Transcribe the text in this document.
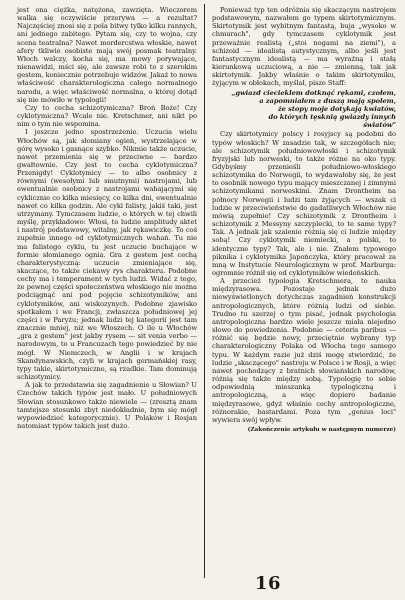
jest ona ciężka, natężona, zawzięta. Wieczorem walka się oczywiście przerywa — a rezultat? Najczęściej znosi się z pola bitwy tylko kilku rannych, ani jednego zabitego. Pytam się, czy to wojna, czy scena teatralna? Nawet mordercstwa włoskie, nawet afery tkliwie osobiste mają swój posmak teatralny. Włoch walczy, kocha się, ma mowy porywające, nienawidzi, mści się, ale zawsze robi to z szerokim gestem, koniecznie potrzebuje widzów. Jakaż to nowa właściwość charakterologiczna całego normalnego narodu, a więc właściwość normalna, o której dotąd się nie mówiło w typologii!

Czy to cecha schizotymiczna? Broń Boże! Czy cyklotymiczna? Wcale nie. Kretschmer, ani nikt po nim o tym nie wspomina.

I jeszcze jedno spostrzeżenie. Uczucia wielu Włochów są, jak słomiany ogień, wystrzelające w górę wysoko i gasnące szybko. Nikmie także uczucie, nawet przemienia się w przeciwne — bardzo gwałtownie. Czy jest to cecha cyklotymiczna? Przenigdy! Cyklotymicy — to albo osobnicy z równymi (wesołymi lub smutnymi) nastrojami, lub ewentualnie osobnicy z nastrojami wahającymi się cyklicznie co kilka miesięcy, co kilka dni, ewentualnie nawet co kilka godzin. Ale cykl falisty, jakiś taki, jest utrzymany. Tymczasem ludzie, o których w tej chwili myślę, przykładowo: Włosi, to ludzie amplitudy aktet i nastrój podstawowy, witalny, jak rękawiczkę. To coś zupełnie innego od cyklotymicznych wahań. Tu nie ma falistego cyklu, tu jest uczucie buchające w formie słomianego ognia. Gra z gestem jest cechą charakterystyczną: uczucie zmieniające się, skaczące, to także ciekawy rys charakteru. Podobne cechy ma i temperament w tych ludzi. Widać z tego, że pewnej części społeczeństwa włoskiego nie można podciągnąć ani pod pojęcie schizotymików, ani cyklotymików, ani wiskozynych. Podobne zjawisko spotkałem i we Francji, zwłaszcza południowej jej części i w Paryżu; jednak ludzi tej kategorii jest tam znacznie mniej, niż we Włoszech. O ile u Włochów „gra z gestem" jest jakby rysem — sit venia verbo — narodowym, to u Francuzach tego powiedzieć by nie mógł. W Niemczech, w Anglii i w krajach Skandynawskich, czyli w krajach germańskiej rasy, typy takie, skirtotymiczne, są rzadkie. Tam dominują schizotymicy.

A jak to przedstawia się zagadnienie u Słowian? U Czechów takich typów jest mało. U południowych Słowian stosunkowo także niewiele — (zresztą znam tamtejsze stosunki zbyt niedokładnie, bym się mógł wypowiedzieć kategorycznie). U Polaków i Rosjan natomiast typów takich jest dużo.

Ponieważ typ ten odróżnia się skaczącym nastrojem podstawowym, nazwałem go typem skirtotymicznym. Skirtotymik jest wybitnym fantastą, buja „wysoko w chmurach", gdy tymczasem cyklotymik jest przeważnie realistą („stoi nogami na ziemi"), a schizoid — idealistą autystycznym, albo jeśli jest fantastycznym idealistą — ma wyraźną i stałą kierunkową uczuciową, a nie — zmienną, tak jak skirtotymik. Jakby właśnie o takim skirtotymiku, żyjącym w obłokach, myślał, pisze Staff:

„gwiazd ciecieklem dotknąć rękami, czołem,

a zapomniałem z duszą mają spolem,

że stopy moje dotykają kwiatów,

do których tęsknią gwiazdy innych

światów"

Czy skirtotymicy polscy i rosyjscy są podobni do typów włoskich? W zasadzie tak, w szczegółach nie; ale schizotymik południowowłoski i schizotymik fryzyjski lub norweski, to także różne na oko typy. Gdybyśmy przenieśli południowo-włoskiego schizotymika do Norwegii, to wydawałoby się, że jest to osobnik nowego typu mający mieszczanej i zimnymi schizotymikami norweskimi. Znam Drontheim na północy Norwegii i ludzi tam żyjących — wszak ci ludzie w przeciwieństwie do gadatliwych Włochów nie mówią zupełnie! Czy schizotymik z Drontheim i schizotymik z Messyny szczyplecki, to te same typy? Tak. A jednak jak szalenie różnią się ci ludzie między sobą! Czy cyklotymik niemiecki, a polski, to identyczne typy? Tak, ale i nie. Znałem typowego piknika i cyklotymika Japończyka, który pracował za mną w Instytucie Neurologicznym w prof. Marburga: ogromnie różnił się od cyklotymików wiedeńskich.

A przecież typologia Kretschmera, to nauka międzyrasowa. Pozostaje jednak dużo niewyświetlonych dotychczas zagadnień konstrukcji antropologicznych, które różnią ludzi od siebie. Trudno tu szerzej o tym pisać, jednak psychologia antropologiczna bardzo wiele jeszcze miała niejedno słowo do powiedzenia. Podobnie — ceteris paribus — różnić się będzie nowy, przeciętnie wybrany typ charakterologiczny Polaka od Włocha tego samego typu. W każdym razie już dziś mogę stwierdzić, że ludzie „skaczącego" nastroju w Polsce i w Rosji, a więc nawet pochodzący z bratnich słowiańskich narodów, różnią się także między sobą. Typologię to sobie odpowiednią mieszanką typologiczną i antropologiczną, a więc dopiero badanie międzyrasowe, gdyż właśnie cechy antropologiczne, różnorakie, bastardami. Poza tym „genius loci" wywiera swój wpływ.

(Zakończenie artykułu w następnym numerze)
16
